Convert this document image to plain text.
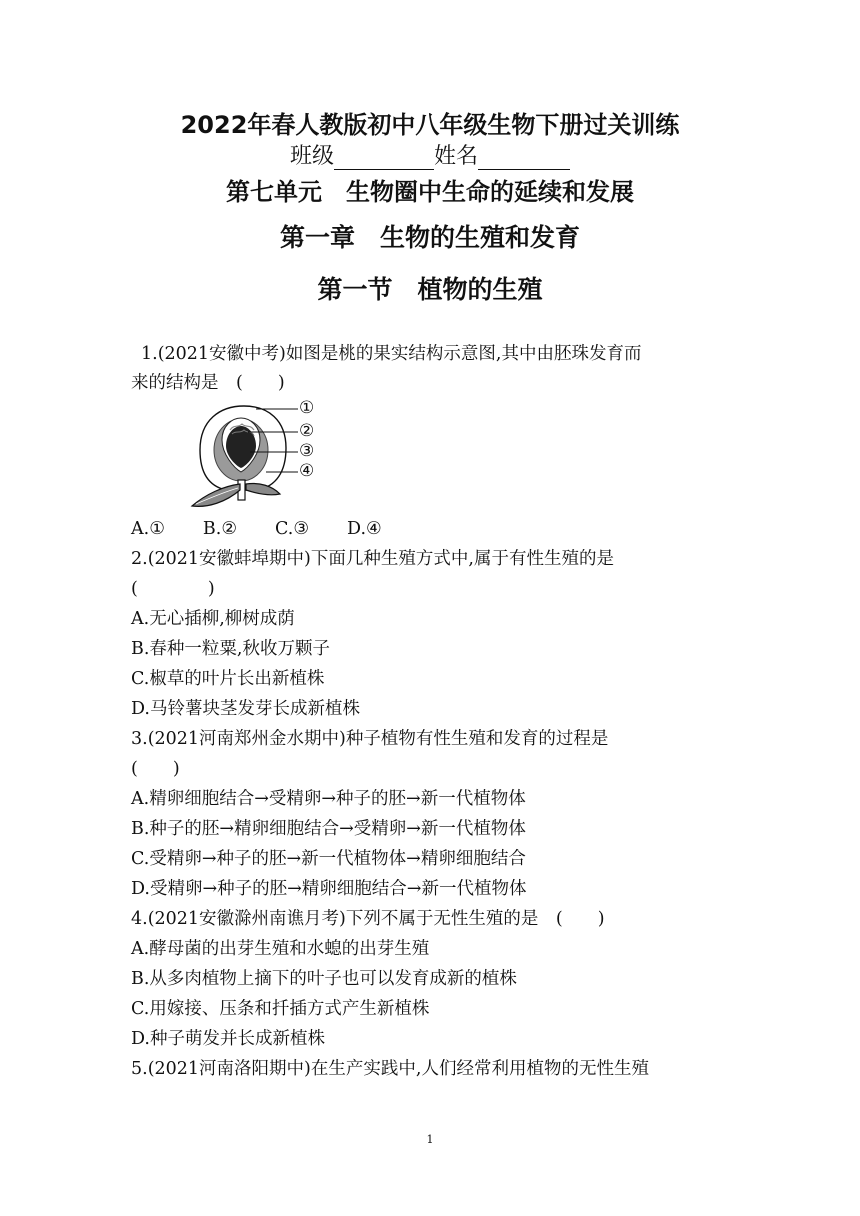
2022年春人教版初中八年级生物下册过关训练
班级	姓名
第七单元　生物圈中生命的延续和发展
第一章　生物的生殖和发育
第一节　植物的生殖
1.(2021安徽中考)如图是桃的果实结构示意图,其中由胚珠发育而
来的结构是　(　　)
①
②
③
④
A.① B.② C.③ D.④
2.(2021安徽蚌埠期中)下面几种生殖方式中,属于有性生殖的是
(　　　　)
A.无心插柳,柳树成荫
B.春种一粒粟,秋收万颗子
C.椒草的叶片长出新植株
D.马铃薯块茎发芽长成新植株
3.(2021河南郑州金水期中)种子植物有性生殖和发育的过程是
(　　)
A.精卵细胞结合→受精卵→种子的胚→新一代植物体
B.种子的胚→精卵细胞结合→受精卵→新一代植物体
C.受精卵→种子的胚→新一代植物体→精卵细胞结合
D.受精卵→种子的胚→精卵细胞结合→新一代植物体
4.(2021安徽滁州南谯月考)下列不属于无性生殖的是　(　　)
A.酵母菌的出芽生殖和水螅的出芽生殖
B.从多肉植物上摘下的叶子也可以发育成新的植株
C.用嫁接、压条和扦插方式产生新植株
D.种子萌发并长成新植株
5.(2021河南洛阳期中)在生产实践中,人们经常利用植物的无性生殖
1
